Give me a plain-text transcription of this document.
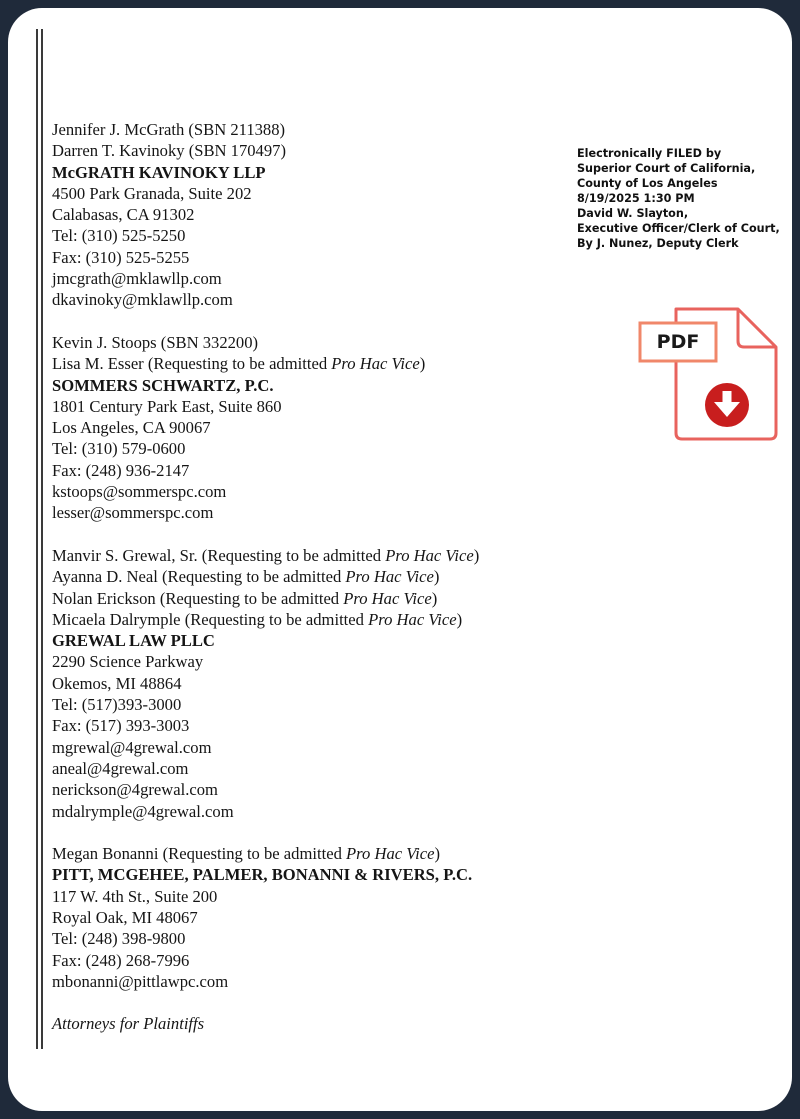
Jennifer J. McGrath (SBN 211388)
Darren T. Kavinoky (SBN 170497)
McGRATH KAVINOKY LLP
4500 Park Granada, Suite 202
Calabasas, CA 91302
Tel: (310) 525-5250
Fax: (310) 525-5255
jmcgrath@mklawllp.com
dkavinoky@mklawllp.com
Kevin J. Stoops (SBN 332200)
Lisa M. Esser (Requesting to be admitted Pro Hac Vice)
SOMMERS SCHWARTZ, P.C.
1801 Century Park East, Suite 860
Los Angeles, CA 90067
Tel: (310) 579-0600
Fax: (248) 936-2147
kstoops@sommerspc.com
lesser@sommerspc.com
Manvir S. Grewal, Sr. (Requesting to be admitted Pro Hac Vice)
Ayanna D. Neal (Requesting to be admitted Pro Hac Vice)
Nolan Erickson (Requesting to be admitted Pro Hac Vice)
Micaela Dalrymple (Requesting to be admitted Pro Hac Vice)
GREWAL LAW PLLC
2290 Science Parkway
Okemos, MI 48864
Tel: (517)393-3000
Fax: (517) 393-3003
mgrewal@4grewal.com
aneal@4grewal.com
nerickson@4grewal.com
mdalrymple@4grewal.com
Megan Bonanni (Requesting to be admitted Pro Hac Vice)
PITT, MCGEHEE, PALMER, BONANNI & RIVERS, P.C.
117 W. 4th St., Suite 200
Royal Oak, MI 48067
Tel: (248) 398-9800
Fax: (248) 268-7996
mbonanni@pittlawpc.com
Attorneys for Plaintiffs
Electronically FILED by
Superior Court of California,
County of Los Angeles
8/19/2025 1:30 PM
David W. Slayton,
Executive Officer/Clerk of Court,
By J. Nunez, Deputy Clerk
PDF
